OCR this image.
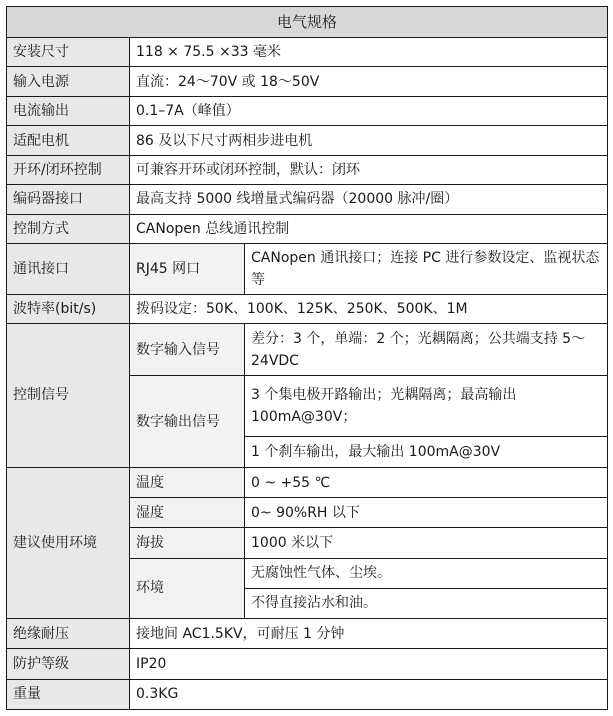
电气规格		
安装尺寸	118 × 75.5 ×33 毫米	
输入电源	直流：24～70V 或 18～50V	
电流输出	0.1–7A（峰值）	
适配电机	86 及以下尺寸两相步进电机	
开环/闭环控制	可兼容开环或闭环控制，默认：闭环	
编码器接口	最高支持 5000 线增量式编码器（20000 脉冲/圈）	
控制方式	CANopen 总线通讯控制	
通讯接口	RJ45 网口	CANopen 通讯接口；连接 PC 进行参数设定、监视状态等
波特率(bit/s)	拨码设定：50K、100K、125K、250K、500K、1M	
控制信号	数字输入信号	差分：3 个，单端：2 个；光耦隔离；公共端支持 5～24VDC
	数字输出信号	3 个集电极开路输出；光耦隔离；最高输出 100mA@30V；
		1 个刹车输出，最大输出 100mA@30V
建议使用环境	温度	0 ~ +55 ℃
	湿度	0~ 90%RH 以下
	海拔	1000 米以下
	环境	无腐蚀性气体、尘埃。
		不得直接沾水和油。
绝缘耐压	接地间 AC1.5KV，可耐压 1 分钟	
防护等级	IP20	
重量	0.3KG	
